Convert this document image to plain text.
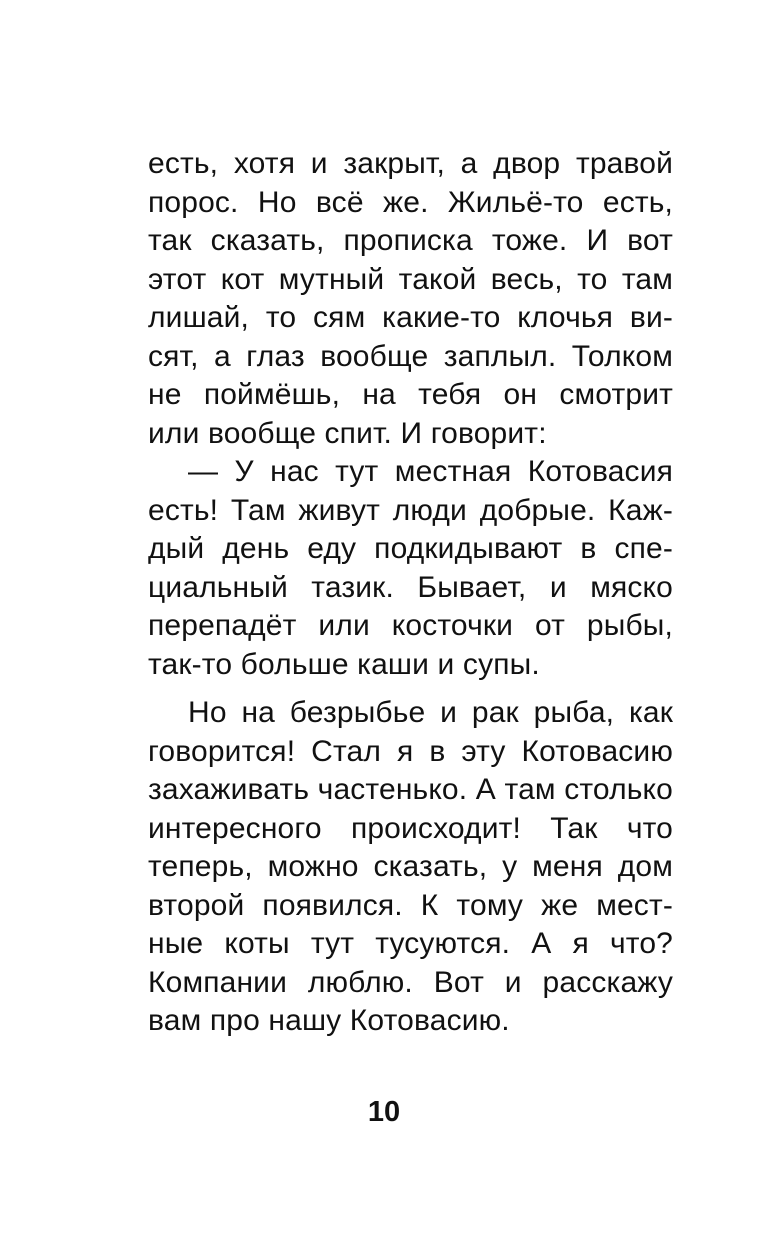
есть, хотя и закрыт, а двор травой
порос. Но всё же. Жильё-то есть,
так сказать, прописка тоже. И вот
этот кот мутный такой весь, то там
лишай, то сям какие-то клочья ви-
сят, а глаз вообще заплыл. Толком
не поймёшь, на тебя он смотрит
или вообще спит. И говорит:
— У нас тут местная Котовасия
есть! Там живут люди добрые. Каж-
дый день еду подкидывают в спе-
циальный тазик. Бывает, и мяско
перепадёт или косточки от рыбы,
так-то больше каши и супы.
Но на безрыбье и рак рыба, как
говорится! Стал я в эту Котовасию
захаживать частенько. А там столько
интересного происходит! Так что
теперь, можно сказать, у меня дом
второй появился. К тому же мест-
ные коты тут тусуются. А я что?
Компании люблю. Вот и расскажу
вам про нашу Котовасию.
10
